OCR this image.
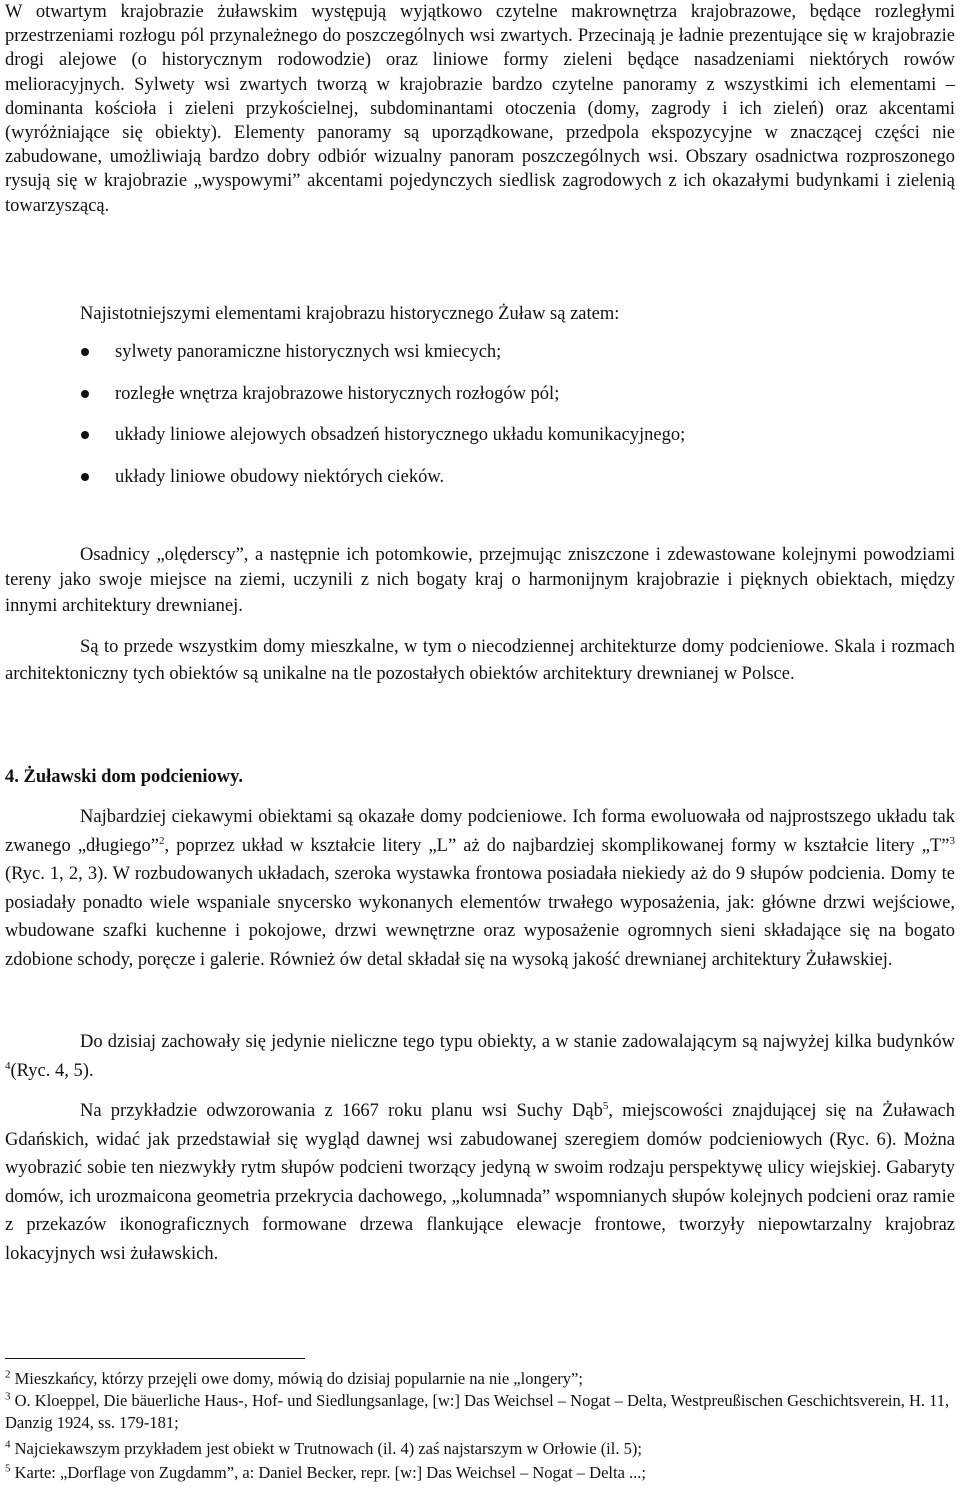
W otwartym krajobrazie żuławskim występują wyjątkowo czytelne makrownętrza krajobrazowe, będące rozległymi przestrzeniami rozłogu pól przynależnego do poszczególnych wsi zwartych. Przecinają je ładnie prezentujące się w krajobrazie drogi alejowe (o historycznym rodowodzie) oraz liniowe formy zieleni będące nasadzeniami niektórych rowów melioracyjnych. Sylwety wsi zwartych tworzą w krajobrazie bardzo czytelne panoramy z wszystkimi ich elementami – dominanta kościoła i zieleni przykościelnej, subdominantami otoczenia (domy, zagrody i ich zieleń) oraz akcentami (wyróżniające się obiekty). Elementy panoramy są uporządkowane, przedpola ekspozycyjne w znaczącej części nie zabudowane, umożliwiają bardzo dobry odbiór wizualny panoram poszczególnych wsi. Obszary osadnictwa rozproszonego rysują się w krajobrazie „wyspowymi” akcentami pojedynczych siedlisk zagrodowych z ich okazałymi budynkami i zielenią towarzyszącą.

Najistotniejszymi elementami krajobrazu historycznego Żuław są zatem:

sylwety panoramiczne historycznych wsi kmiecych;
rozległe wnętrza krajobrazowe historycznych rozłogów pól;
układy liniowe alejowych obsadzeń historycznego układu komunikacyjnego;
układy liniowe obudowy niektórych cieków.

Osadnicy „olęderscy”, a następnie ich potomkowie, przejmując zniszczone i zdewastowane kolejnymi powodziami tereny jako swoje miejsce na ziemi, uczynili z nich bogaty kraj o harmonijnym krajobrazie i pięknych obiektach, między innymi architektury drewnianej.

Są to przede wszystkim domy mieszkalne, w tym o niecodziennej architekturze domy podcieniowe. Skala i rozmach architektoniczny tych obiektów są unikalne na tle pozostałych obiektów architektury drewnianej w Polsce.

4. Żuławski dom podcieniowy.

Najbardziej ciekawymi obiektami są okazałe domy podcieniowe. Ich forma ewoluowała od najprostszego układu tak zwanego „długiego”$^2$, poprzez układ w kształcie litery „L” aż do najbardziej skomplikowanej formy w kształcie litery „T”$^3$ (Ryc. 1, 2, 3). W rozbudowanych układach, szeroka wystawka frontowa posiadała niekiedy aż do 9 słupów podcienia. Domy te posiadały ponadto wiele wspaniale snycersko wykonanych elementów trwałego wyposażenia, jak: główne drzwi wejściowe, wbudowane szafki kuchenne i pokojowe, drzwi wewnętrzne oraz wyposażenie ogromnych sieni składające się na bogato zdobione schody, poręcze i galerie. Również ów detal składał się na wysoką jakość drewnianej architektury Żuławskiej.

Do dzisiaj zachowały się jedynie nieliczne tego typu obiekty, a w stanie zadowalającym są najwyżej kilka budynków $^4$(Ryc. 4, 5).

Na przykładzie odwzorowania z 1667 roku planu wsi Suchy Dąb$^5$, miejscowości znajdującej się na Żuławach Gdańskich, widać jak przedstawiał się wygląd dawnej wsi zabudowanej szeregiem domów podcieniowych (Ryc. 6). Można wyobrazić sobie ten niezwykły rytm słupów podcieni tworzący jedyną w swoim rodzaju perspektywę ulicy wiejskiej. Gabaryty domów, ich urozmaicona geometria przekrycia dachowego, „kolumnada” wspomnianych słupów kolejnych podcieni oraz ramie z przekazów ikonograficznych formowane drzewa flankujące elewacje frontowe, tworzyły niepowtarzalny krajobraz lokacyjnych wsi żuławskich.

$^2$ Mieszkańcy, którzy przejęli owe domy, mówią do dzisiaj popularnie na nie „longery”;

$^3$ O. Kloeppel, Die bäuerliche Haus-, Hof- und Siedlungsanlage, [w:] Das Weichsel – Nogat – Delta, Westpreußischen Geschichtsverein, H. 11, Danzig 1924, ss. 179-181;

$^4$ Najciekawszym przykładem jest obiekt w Trutnowach (il. 4) zaś najstarszym w Orłowie (il. 5);

$^5$ Karte: „Dorflage von Zugdamm”, a: Daniel Becker, repr. [w:] Das Weichsel – Nogat – Delta ...;
